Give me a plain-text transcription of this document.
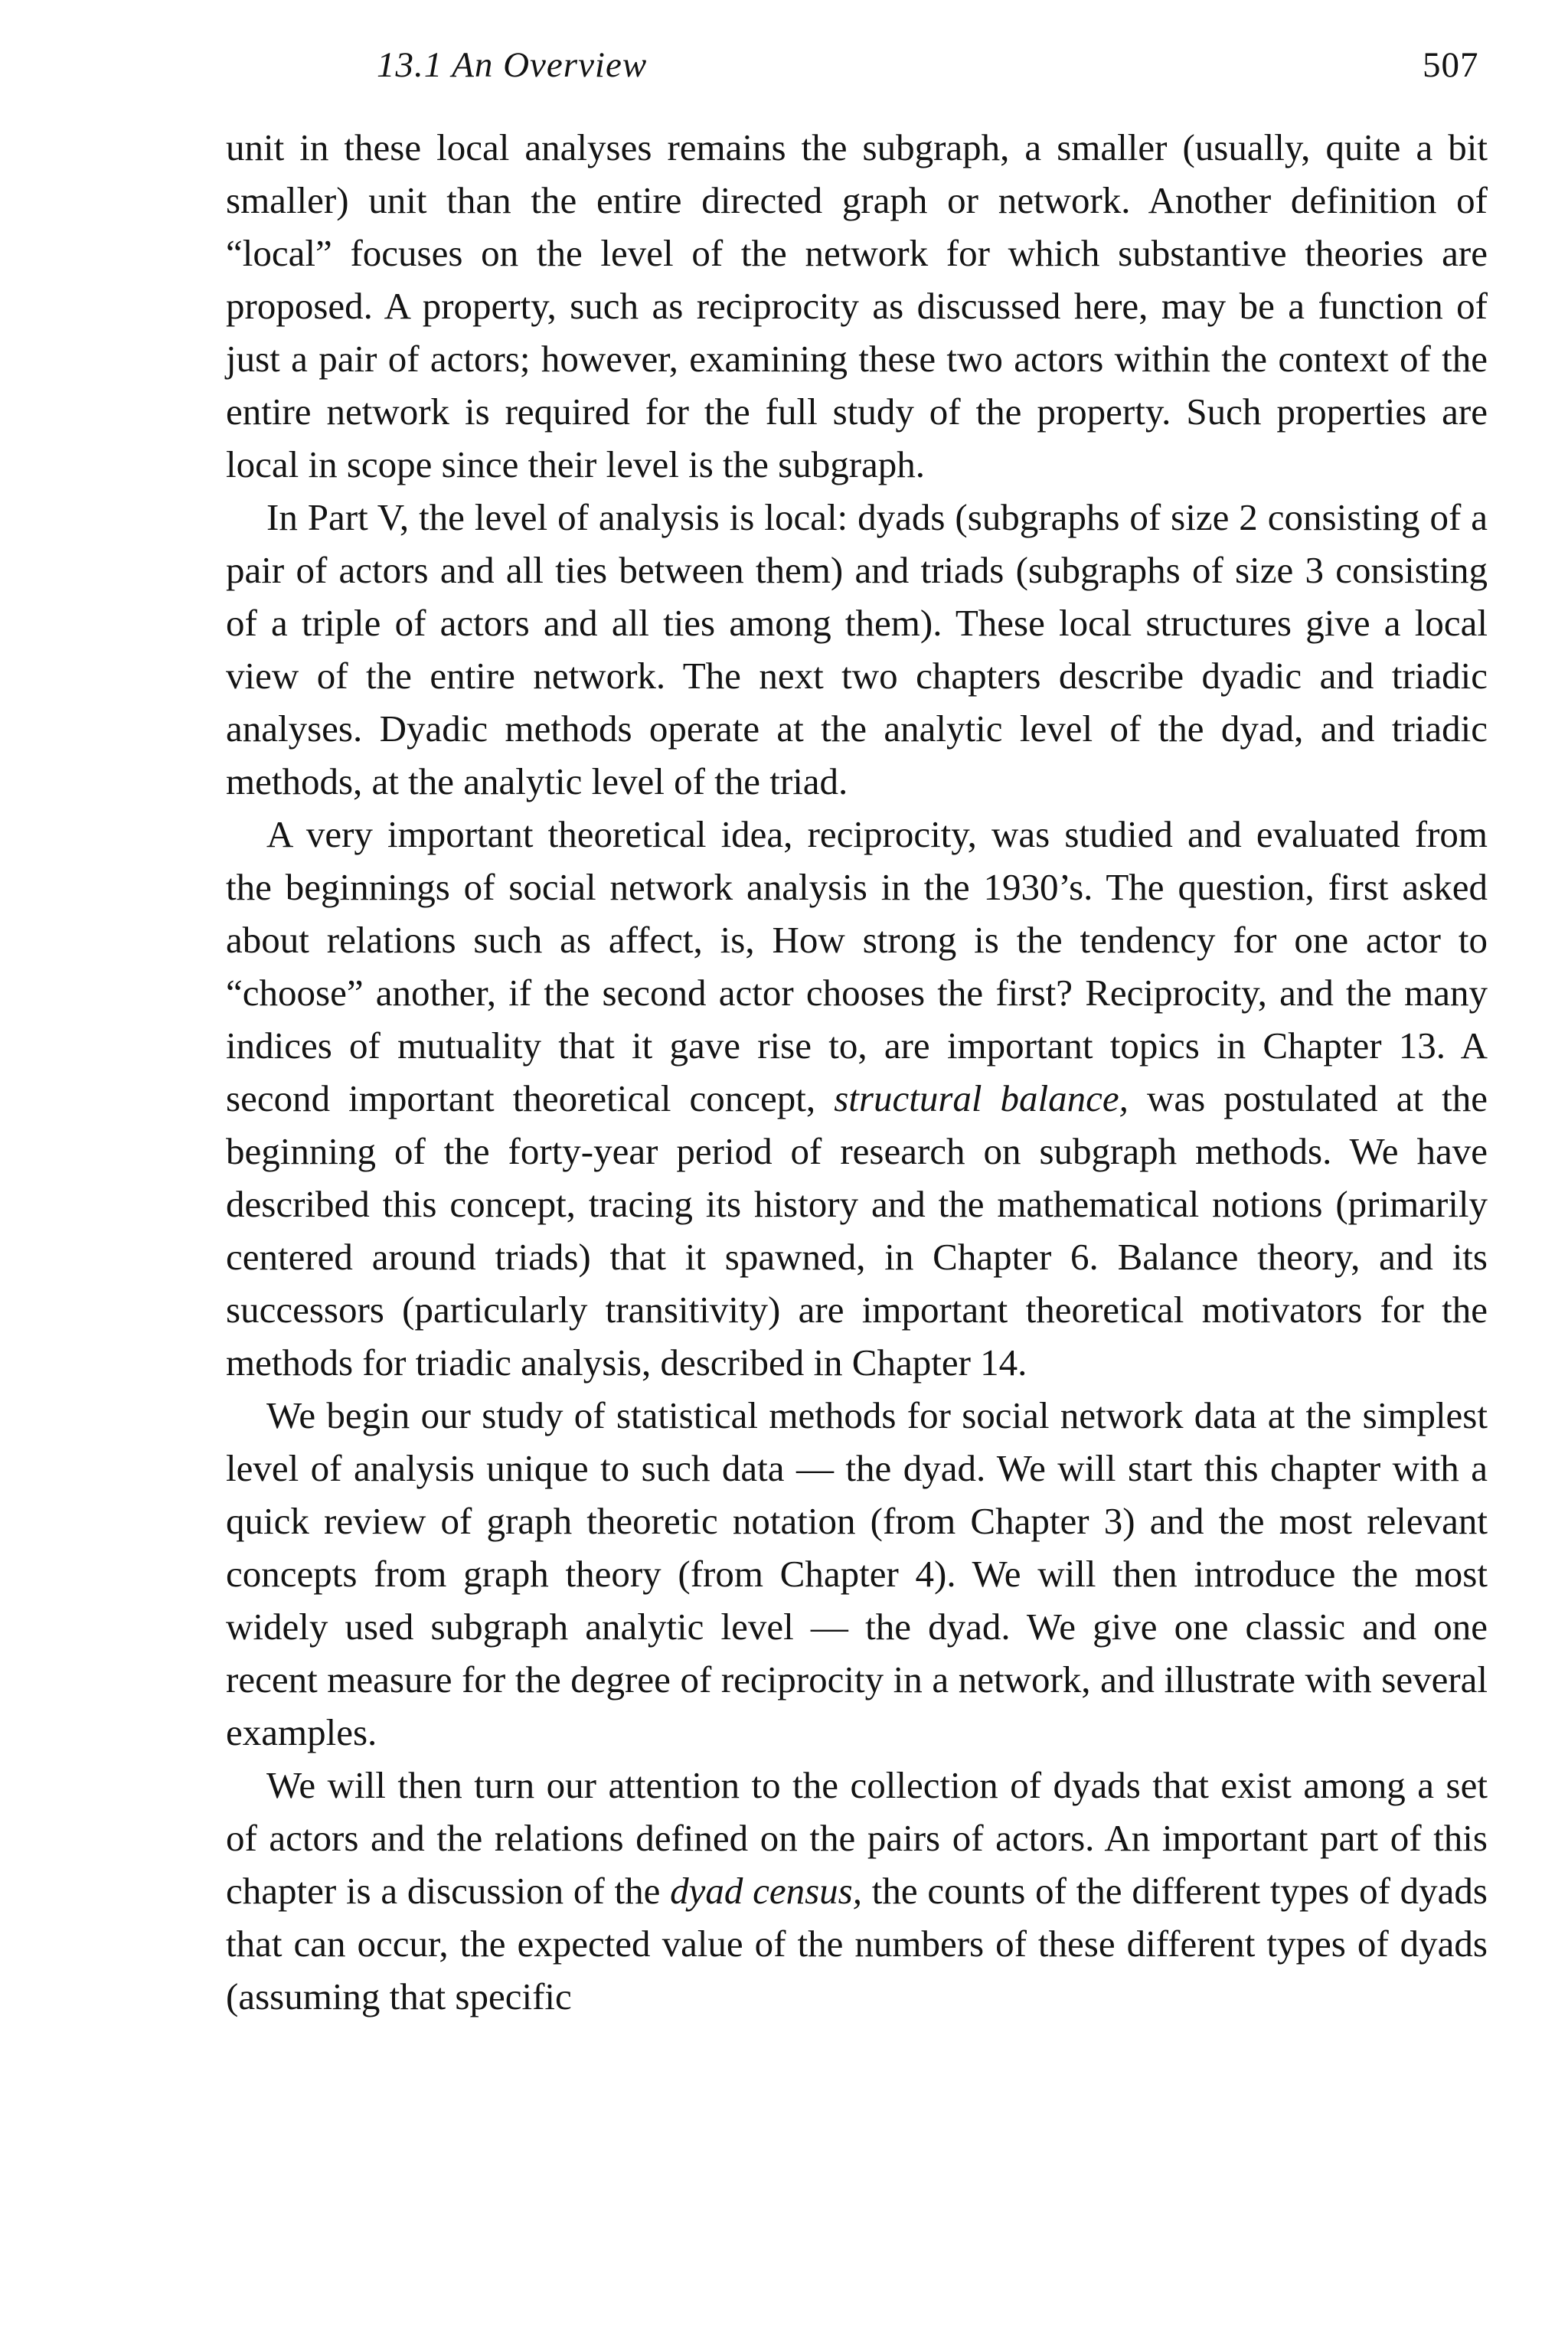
13.1 An Overview	507

unit in these local analyses remains the subgraph, a smaller (usually, quite a bit smaller) unit than the entire directed graph or network. Another definition of “local” focuses on the level of the network for which substantive theories are proposed. A property, such as reciprocity as discussed here, may be a function of just a pair of actors; however, examining these two actors within the context of the entire network is required for the full study of the property. Such properties are local in scope since their level is the subgraph.

In Part V, the level of analysis is local: dyads (subgraphs of size 2 consisting of a pair of actors and all ties between them) and triads (subgraphs of size 3 consisting of a triple of actors and all ties among them). These local structures give a local view of the entire network. The next two chapters describe dyadic and triadic analyses. Dyadic methods operate at the analytic level of the dyad, and triadic methods, at the analytic level of the triad.

A very important theoretical idea, reciprocity, was studied and evaluated from the beginnings of social network analysis in the 1930’s. The question, first asked about relations such as affect, is, How strong is the tendency for one actor to “choose” another, if the second actor chooses the first? Reciprocity, and the many indices of mutuality that it gave rise to, are important topics in Chapter 13. A second important theoretical concept, structural balance, was postulated at the beginning of the forty-year period of research on subgraph methods. We have described this concept, tracing its history and the mathematical notions (primarily centered around triads) that it spawned, in Chapter 6. Balance theory, and its successors (particularly transitivity) are important theoretical motivators for the methods for triadic analysis, described in Chapter 14.

We begin our study of statistical methods for social network data at the simplest level of analysis unique to such data — the dyad. We will start this chapter with a quick review of graph theoretic notation (from Chapter 3) and the most relevant concepts from graph theory (from Chapter 4). We will then introduce the most widely used subgraph analytic level — the dyad. We give one classic and one recent measure for the degree of reciprocity in a network, and illustrate with several examples.

We will then turn our attention to the collection of dyads that exist among a set of actors and the relations defined on the pairs of actors. An important part of this chapter is a discussion of the dyad census, the counts of the different types of dyads that can occur, the expected value of the numbers of these different types of dyads (assuming that specific
